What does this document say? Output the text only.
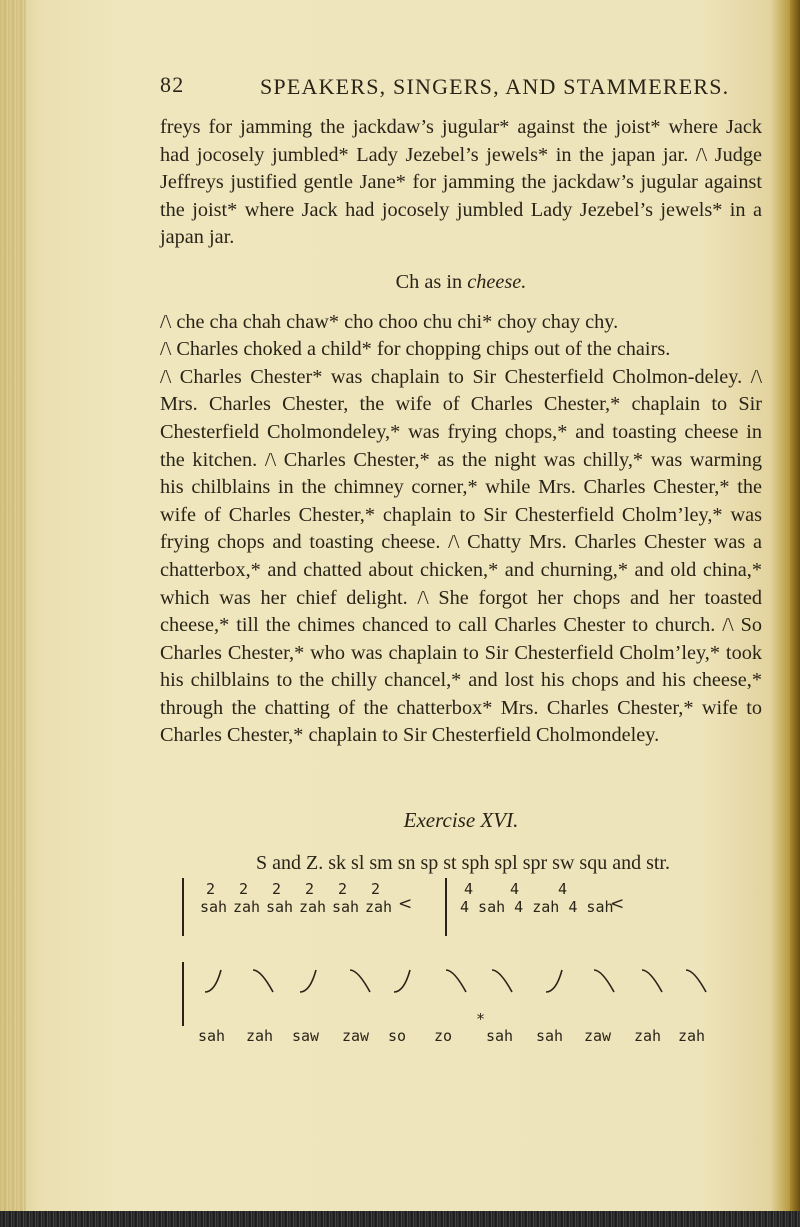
82	SPEAKERS, SINGERS, AND STAMMERERS.

freys for jamming the jackdaw’s jugular* against the joist* where Jack had jocosely jumbled* Lady Jezebel’s jewels* in the japan jar. /\ Judge Jeffreys justified gentle Jane* for jamming the jackdaw’s jugular against the joist* where Jack had jocosely jumbled Lady Jezebel’s jewels* in a japan jar.

Ch as in cheese.

/\ che cha chah chaw* cho choo chu chi* choy chay chy.

/\ Charles choked a child* for chopping chips out of the chairs.

/\ Charles Chester* was chaplain to Sir Chesterfield Cholmon-deley. /\ Mrs. Charles Chester, the wife of Charles Chester,* chaplain to Sir Chesterfield Cholmondeley,* was frying chops,* and toasting cheese in the kitchen. /\ Charles Chester,* as the night was chilly,* was warming his chilblains in the chimney corner,* while Mrs. Charles Chester,* the wife of Charles Chester,* chaplain to Sir Chesterfield Cholm’ley,* was frying chops and toasting cheese. /\ Chatty Mrs. Charles Chester was a chatterbox,* and chatted about chicken,* and churning,* and old china,* which was her chief delight. /\ She forgot her chops and her toasted cheese,* till the chimes chanced to call Charles Chester to church. /\ So Charles Chester,* who was chaplain to Sir Chesterfield Cholm’ley,* took his chilblains to the chilly chancel,* and lost his chops and his cheese,* through the chatting of the chatterbox* Mrs. Charles Chester,* wife to Charles Chester,* chaplain to Sir Chesterfield Cholmondeley.

Exercise XVI.
S and Z. sk sl sm sn sp st sph spl spr sw squ and str.
2 2 2 2 2 2
sah zah sah zah sah zah <
4 4	4
4 sah 4 zah 4 sah
<
sah zah saw zaw so zo sah sah zaw zah zah
*
